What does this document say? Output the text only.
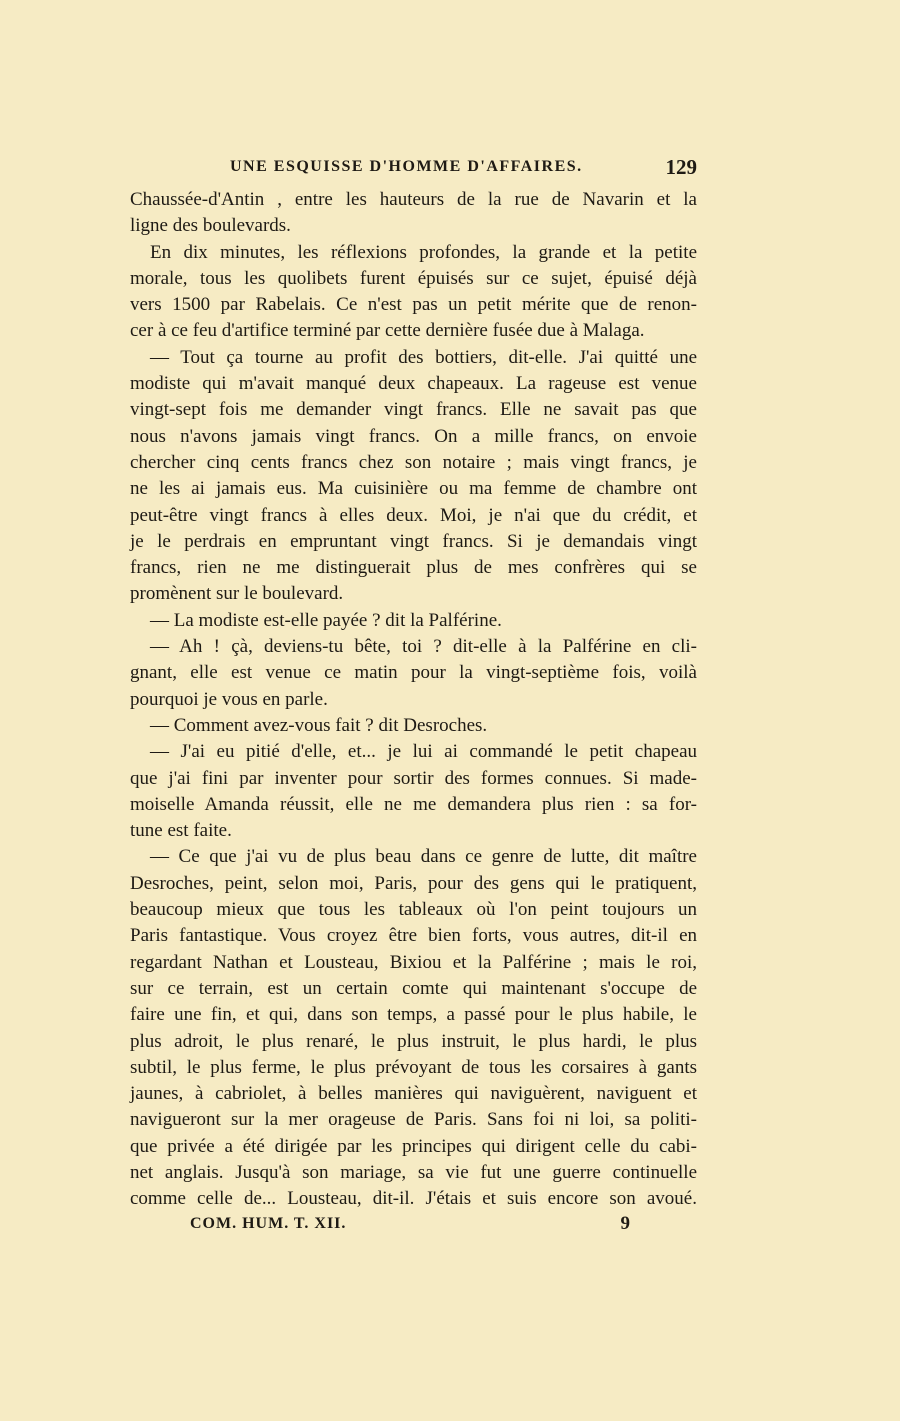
UNE ESQUISSE D'HOMME D'AFFAIRES.	129
Chaussée-d'Antin , entre les hauteurs de la rue de Navarin et la
ligne des boulevards.
En dix minutes, les réflexions profondes, la grande et la petite
morale, tous les quolibets furent épuisés sur ce sujet, épuisé déjà
vers 1500 par Rabelais. Ce n'est pas un petit mérite que de renon-
cer à ce feu d'artifice terminé par cette dernière fusée due à Malaga.
— Tout ça tourne au profit des bottiers, dit-elle. J'ai quitté une
modiste qui m'avait manqué deux chapeaux. La rageuse est venue
vingt-sept fois me demander vingt francs. Elle ne savait pas que
nous n'avons jamais vingt francs. On a mille francs, on envoie
chercher cinq cents francs chez son notaire ; mais vingt francs, je
ne les ai jamais eus. Ma cuisinière ou ma femme de chambre ont
peut-être vingt francs à elles deux. Moi, je n'ai que du crédit, et
je le perdrais en empruntant vingt francs. Si je demandais vingt
francs, rien ne me distinguerait plus de mes confrères qui se
promènent sur le boulevard.
— La modiste est-elle payée ? dit la Palférine.
— Ah ! çà, deviens-tu bête, toi ? dit-elle à la Palférine en cli-
gnant, elle est venue ce matin pour la vingt-septième fois, voilà
pourquoi je vous en parle.
— Comment avez-vous fait ? dit Desroches.
— J'ai eu pitié d'elle, et... je lui ai commandé le petit chapeau
que j'ai fini par inventer pour sortir des formes connues. Si made-
moiselle Amanda réussit, elle ne me demandera plus rien : sa for-
tune est faite.
— Ce que j'ai vu de plus beau dans ce genre de lutte, dit maître
Desroches, peint, selon moi, Paris, pour des gens qui le pratiquent,
beaucoup mieux que tous les tableaux où l'on peint toujours un
Paris fantastique. Vous croyez être bien forts, vous autres, dit-il en
regardant Nathan et Lousteau, Bixiou et la Palférine ; mais le roi,
sur ce terrain, est un certain comte qui maintenant s'occupe de
faire une fin, et qui, dans son temps, a passé pour le plus habile, le
plus adroit, le plus renaré, le plus instruit, le plus hardi, le plus
subtil, le plus ferme, le plus prévoyant de tous les corsaires à gants
jaunes, à cabriolet, à belles manières qui naviguèrent, naviguent et
navigueront sur la mer orageuse de Paris. Sans foi ni loi, sa politi-
que privée a été dirigée par les principes qui dirigent celle du cabi-
net anglais. Jusqu'à son mariage, sa vie fut une guerre continuelle
comme celle de... Lousteau, dit-il. J'étais et suis encore son avoué.
COM. HUM. T. XII.	9
